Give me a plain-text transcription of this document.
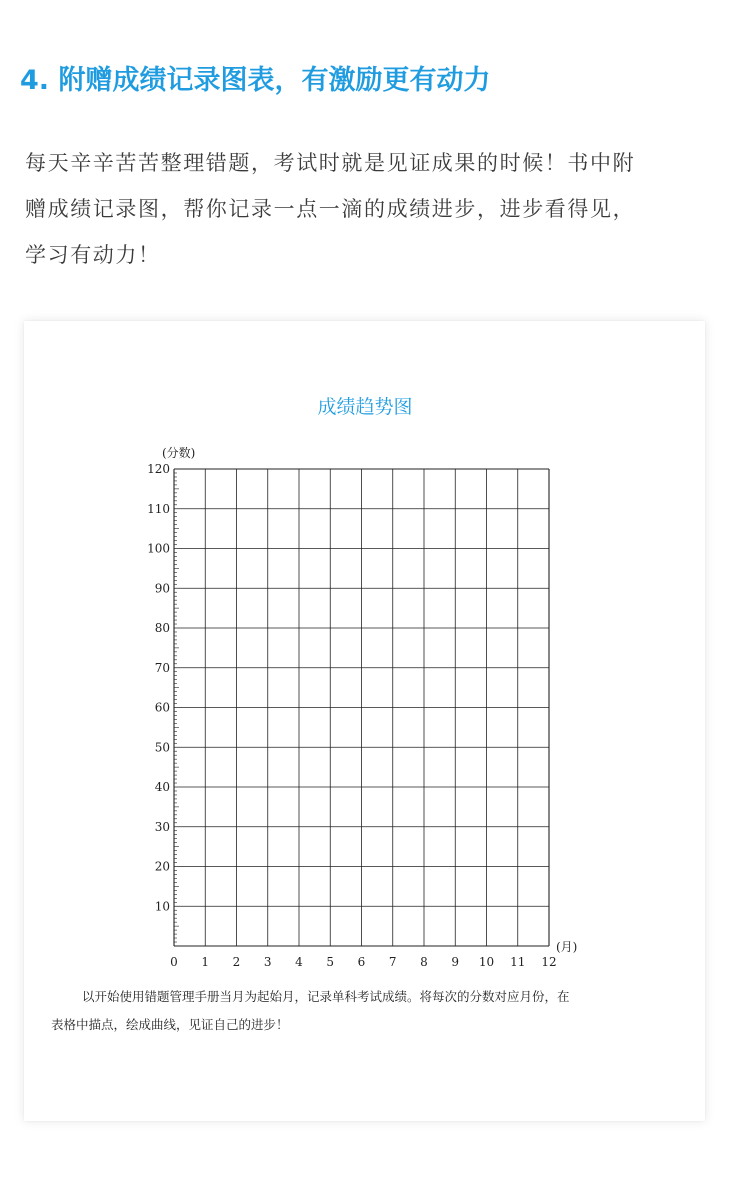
4. 附赠成绩记录图表，有激励更有动力
每天辛辛苦苦整理错题，考试时就是见证成果的时候！书中附
赠成绩记录图，帮你记录一点一滴的成绩进步，进步看得见，
学习有动力！
成绩趋势图
(分数)
(月)
0 1 2 3 4 5 6 7 8 9 10 11 12
10
20
30
40
50
60
70
80
90
100
110
120
以开始使用错题管理手册当月为起始月，记录单科考试成绩。将每次的分数对应月份，在
表格中描点，绘成曲线，见证自己的进步！
